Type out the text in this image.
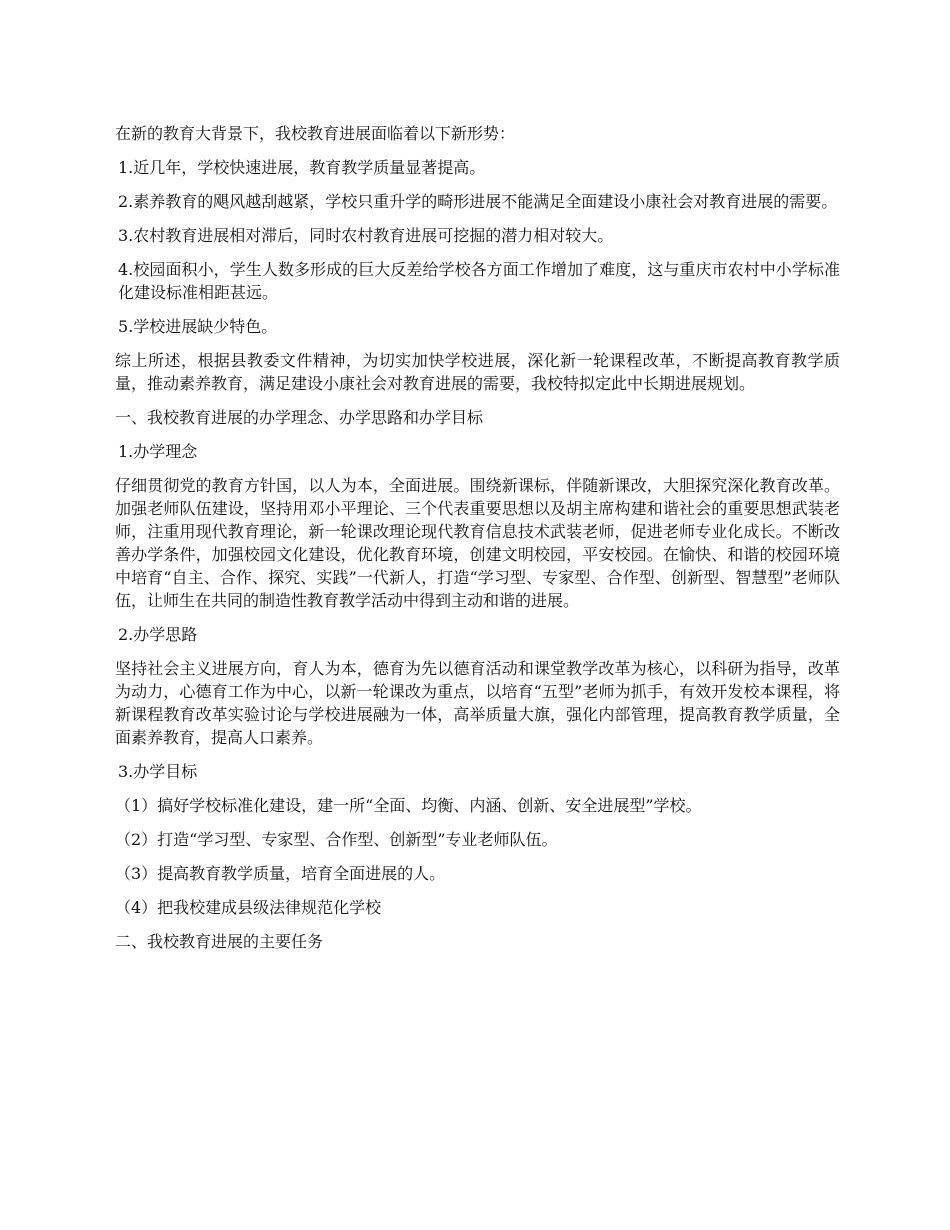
在新的教育大背景下，我校教育进展面临着以下新形势：

1.近几年，学校快速进展，教育教学质量显著提高。

2.素养教育的飓风越刮越紧，学校只重升学的畸形进展不能满足全面建设小康社会对教育进展的需要。

3.农村教育进展相对滞后，同时农村教育进展可挖掘的潜力相对较大。

4.校园面积小，学生人数多形成的巨大反差给学校各方面工作增加了难度，这与重庆市农村中小学标准化建设标准相距甚远。

5.学校进展缺少特色。

综上所述，根据县教委文件精神，为切实加快学校进展，深化新一轮课程改革，不断提高教育教学质量，推动素养教育，满足建设小康社会对教育进展的需要，我校特拟定此中长期进展规划。

一、我校教育进展的办学理念、办学思路和办学目标

1.办学理念

仔细贯彻党的教育方针国，以人为本，全面进展。围绕新课标，伴随新课改，大胆探究深化教育改革。加强老师队伍建设，坚持用邓小平理论、三个代表重要思想以及胡主席构建和谐社会的重要思想武装老师，注重用现代教育理论，新一轮课改理论现代教育信息技术武装老师，促进老师专业化成长。不断改善办学条件，加强校园文化建设，优化教育环境，创建文明校园，平安校园。在愉快、和谐的校园环境中培育“自主、合作、探究、实践”一代新人，打造“学习型、专家型、合作型、创新型、智慧型”老师队伍，让师生在共同的制造性教育教学活动中得到主动和谐的进展。

2.办学思路

坚持社会主义进展方向，育人为本，德育为先以德育活动和课堂教学改革为核心，以科研为指导，改革为动力，心德育工作为中心，以新一轮课改为重点，以培育“五型”老师为抓手，有效开发校本课程，将新课程教育改革实验讨论与学校进展融为一体，高举质量大旗，强化内部管理，提高教育教学质量，全面素养教育，提高人口素养。

3.办学目标

（1）搞好学校标准化建设，建一所“全面、均衡、内涵、创新、安全进展型”学校。

（2）打造“学习型、专家型、合作型、创新型”专业老师队伍。

（3）提高教育教学质量，培育全面进展的人。

（4）把我校建成县级法律规范化学校

二、我校教育进展的主要任务
